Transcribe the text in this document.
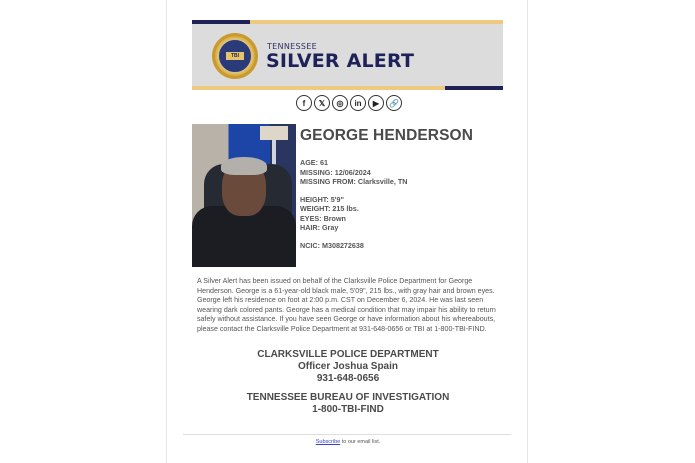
TBI
TENNESSEE
SILVER ALERT
f	𝕏	◎	in	▶	🔗
GEORGE HENDERSON
AGE: 61
MISSING: 12/06/2024
MISSING FROM: Clarksville, TN
HEIGHT: 5'9"
WEIGHT: 215 lbs.
EYES: Brown
HAIR: Gray
NCIC: M308272638

A Silver Alert has been issued on behalf of the Clarksville Police Department for George Henderson. George is a 61-year-old black male, 5'09", 215 lbs., with gray hair and brown eyes. George left his residence on foot at 2:00 p.m. CST on December 6, 2024. He was last seen wearing dark colored pants. George has a medical condition that may impair his ability to return safely without assistance. If you have seen George or have information about his whereabouts, please contact the Clarksville Police Department at 931-648-0656 or TBI at 1-800-TBI-FIND.

CLARKSVILLE POLICE DEPARTMENT
Officer Joshua Spain
931-648-0656
TENNESSEE BUREAU OF INVESTIGATION
1-800-TBI-FIND
Subscribe to our email list.
